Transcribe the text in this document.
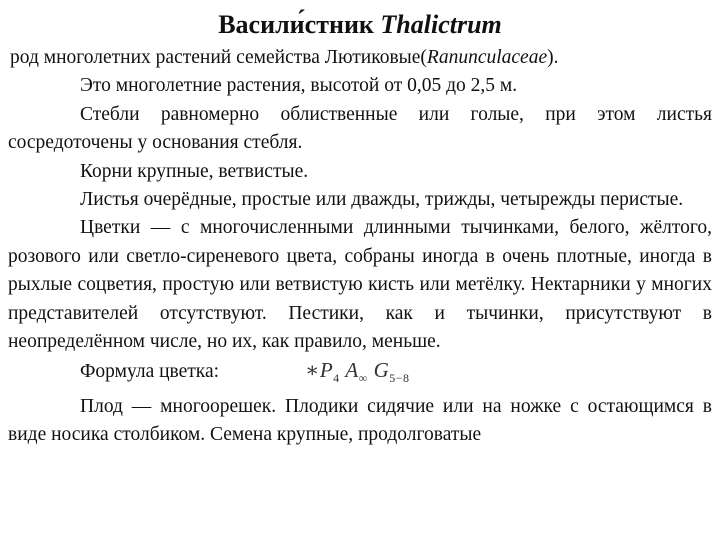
Васили́стник Thalictrum

род многолетних растений семейства Лютиковые(Ranunculaceae).

Это многолетние растения, высотой от 0,05 до 2,5 м.

Стебли равномерно облиственные или голые, при этом листья сосредоточены у основания стебля.

Корни крупные, ветвистые.

Листья очерёдные, простые или дважды, трижды, четырежды перистые.

Цветки — с многочисленными длинными тычинками, белого, жёлтого, розового или светло-сиреневого цвета, собраны иногда в очень плотные, иногда в рыхлые соцветия, простую или ветвистую кисть или метёлку. Нектарники у многих представителей отсутствуют. Пестики, как и тычинки, присутствуют в неопределённом числе, но их, как правило, меньше.

Формула цветка:	$∗P_4$ $A_\infty$ $G_{5-8}$

Плод — многоорешек. Плодики сидячие или на ножке с остающимся в виде носика столбиком. Семена крупные, продолговатые
